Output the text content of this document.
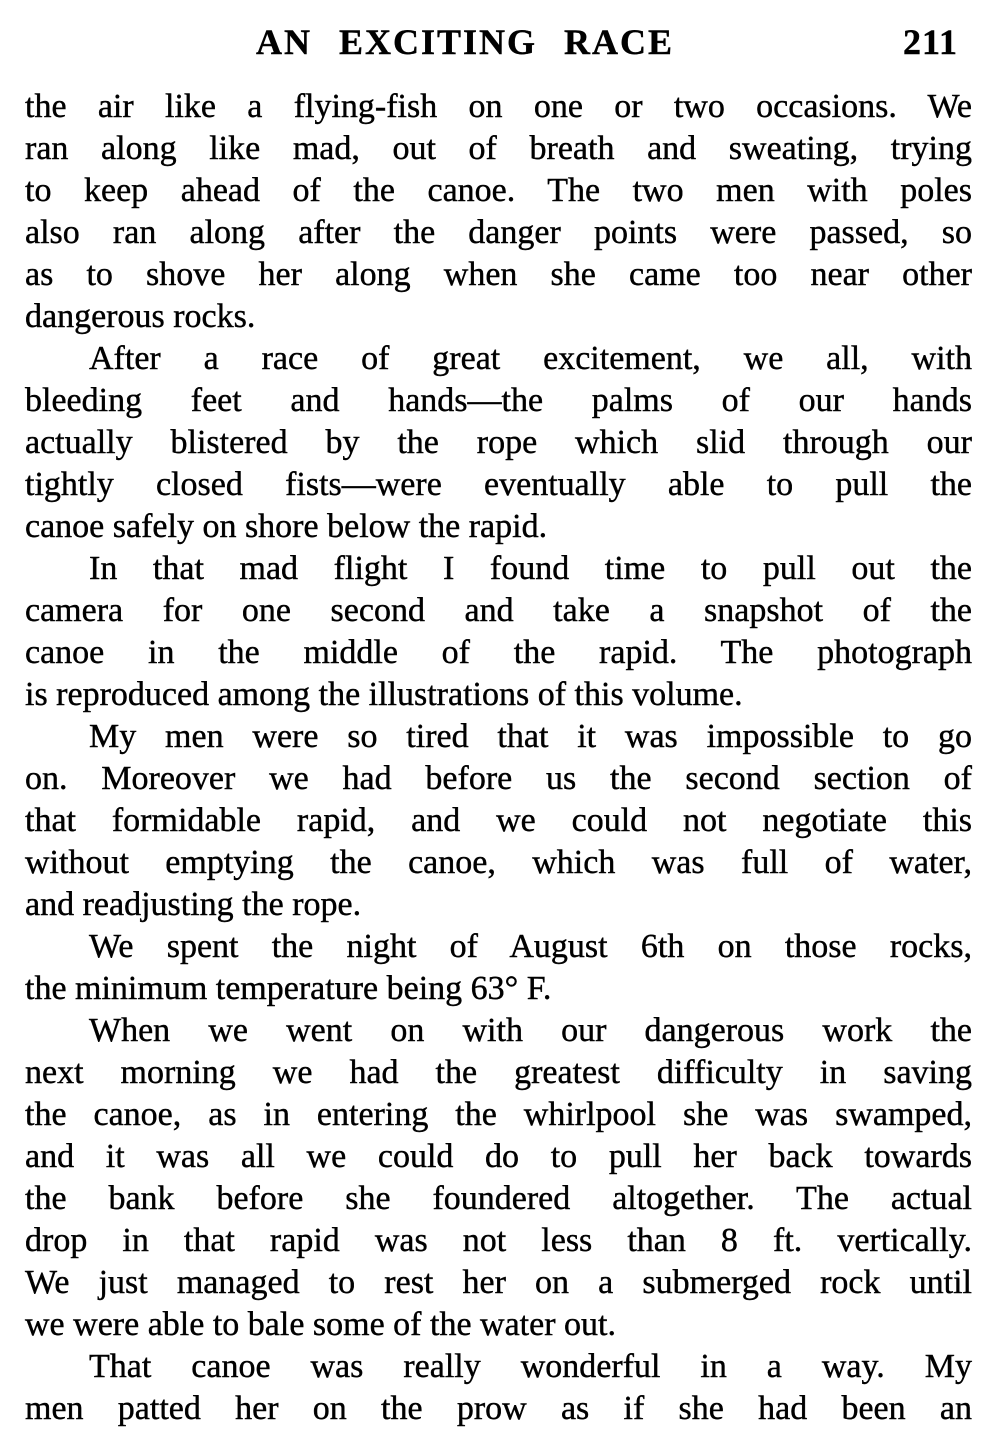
AN EXCITING RACE	211
the air like a flying-fish on one or two occasions. We
ran along like mad, out of breath and sweating, trying
to keep ahead of the canoe. The two men with poles
also ran along after the danger points were passed, so
as to shove her along when she came too near other
dangerous rocks.
After a race of great excitement, we all, with
bleeding feet and hands—the palms of our hands
actually blistered by the rope which slid through our
tightly closed fists—were eventually able to pull the
canoe safely on shore below the rapid.
In that mad flight I found time to pull out the
camera for one second and take a snapshot of the
canoe in the middle of the rapid. The photograph
is reproduced among the illustrations of this volume.
My men were so tired that it was impossible to go
on. Moreover we had before us the second section of
that formidable rapid, and we could not negotiate this
without emptying the canoe, which was full of water,
and readjusting the rope.
We spent the night of August 6th on those rocks,
the minimum temperature being 63° F.
When we went on with our dangerous work the
next morning we had the greatest difficulty in saving
the canoe, as in entering the whirlpool she was swamped,
and it was all we could do to pull her back towards
the bank before she foundered altogether. The actual
drop in that rapid was not less than 8 ft. vertically.
We just managed to rest her on a submerged rock until
we were able to bale some of the water out.
That canoe was really wonderful in a way. My
men patted her on the prow as if she had been an
